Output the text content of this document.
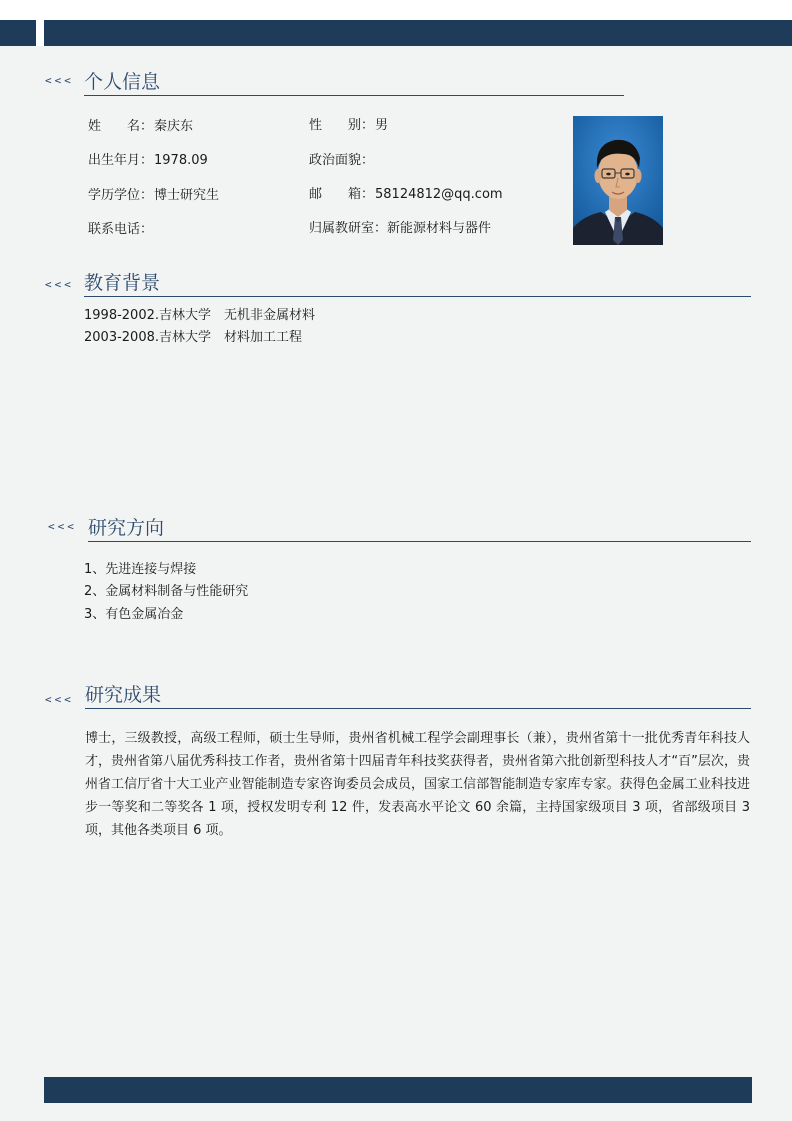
<<< 个人信息
姓　　名： 秦庆东	性　　别： 男
出生年月： 1978.09	政治面貌：
学历学位： 博士研究生	邮　　箱： 58124812@qq.com
联系电话：	归属教研室： 新能源材料与器件
<<< 教育背景
1998-2002.吉林大学　无机非金属材料
2003-2008.吉林大学　材料加工工程
<<< 研究方向
1、先进连接与焊接
2、金属材料制备与性能研究
3、有色金属冶金
<<< 研究成果
博士，三级教授，高级工程师，硕士生导师，贵州省机械工程学会副理事长（兼），贵州省第十一批优秀青年科技人才，贵州省第八届优秀科技工作者，贵州省第十四届青年科技奖获得者，贵州省第六批创新型科技人才“百”层次，贵州省工信厅省十大工业产业智能制造专家咨询委员会成员，国家工信部智能制造专家库专家。获得色金属工业科技进步一等奖和二等奖各 1 项，授权发明专利 12 件，发表高水平论文 60 余篇，主持国家级项目 3 项，省部级项目 3 项，其他各类项目 6 项。
